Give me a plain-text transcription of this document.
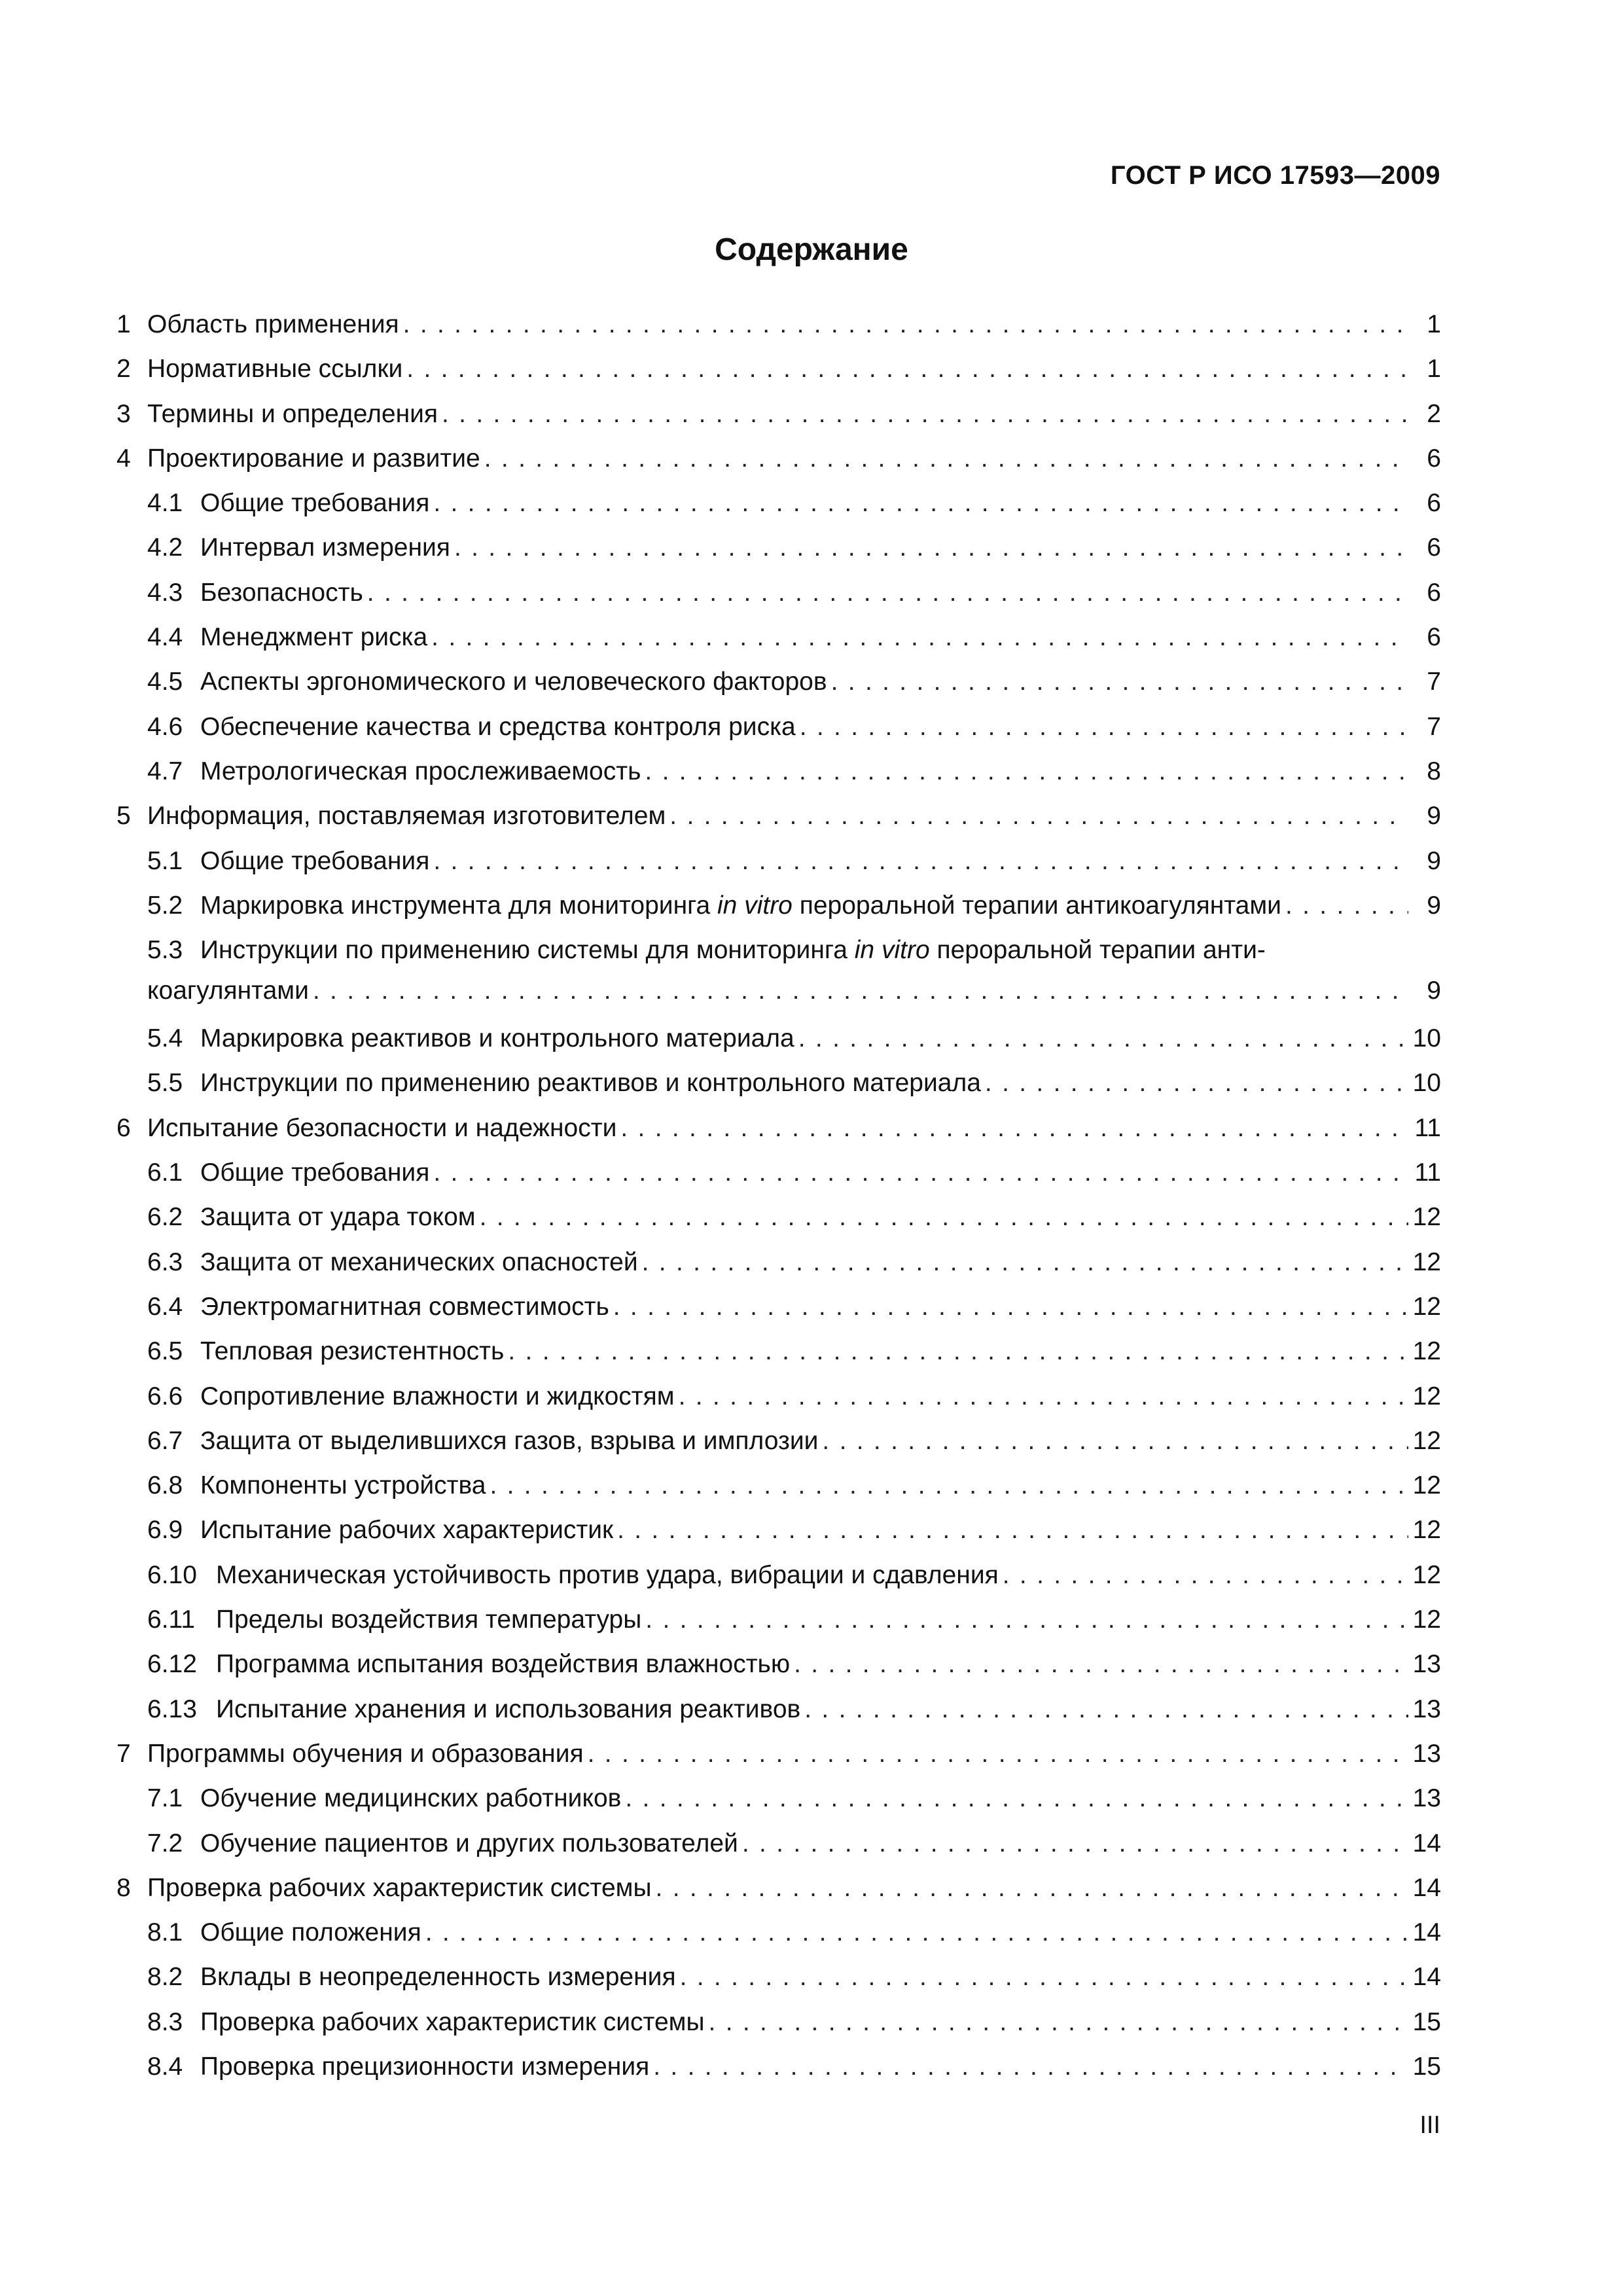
ГОСТ Р ИСО 17593—2009

Содержание
1 Область применения . . .	1
2 Нормативные ссылки . . .	1
3 Термины и определения . . .	2
4 Проектирование и развитие . . .	6
4.1 Общие требования . . .	6
4.2 Интервал измерения . . .	6
4.3 Безопасность . . .	6
4.4 Менеджмент риска . . .	6
4.5 Аспекты эргономического и человеческого факторов . . .	7
4.6 Обеспечение качества и средства контроля риска . . .	7
4.7 Метрологическая прослеживаемость . . .	8
5 Информация, поставляемая изготовителем . . .	9
5.1 Общие требования . . .	9
5.2 Маркировка инструмента для мониторинга in vitro пероральной терапии антикоагулянтами . . .	9
5.3 Инструкции по применению системы для мониторинга in vitro пероральной терапии анти-
коагулянтами . . .	9
5.4 Маркировка реактивов и контрольного материала . . .	10
5.5 Инструкции по применению реактивов и контрольного материала . . .	10
6 Испытание безопасности и надежности . . .	11
6.1 Общие требования . . .	11
6.2 Защита от удара током . . .	12
6.3 Защита от механических опасностей . . .	12
6.4 Электромагнитная совместимость . . .	12
6.5 Тепловая резистентность . . .	12
6.6 Сопротивление влажности и жидкостям . . .	12
6.7 Защита от выделившихся газов, взрыва и имплозии . . .	12
6.8 Компоненты устройства . . .	12
6.9 Испытание рабочих характеристик . . .	12
6.10 Механическая устойчивость против удара, вибрации и сдавления . . .	12
6.11 Пределы воздействия температуры . . .	12
6.12 Программа испытания воздействия влажностью . . .	13
6.13 Испытание хранения и использования реактивов . . .	13
7 Программы обучения и образования . . .	13
7.1 Обучение медицинских работников . . .	13
7.2 Обучение пациентов и других пользователей . . .	14
8 Проверка рабочих характеристик системы . . .	14
8.1 Общие положения . . .	14
8.2 Вклады в неопределенность измерения . . .	14
8.3 Проверка рабочих характеристик системы . . .	15
8.4 Проверка прецизионности измерения . . .	15

III
